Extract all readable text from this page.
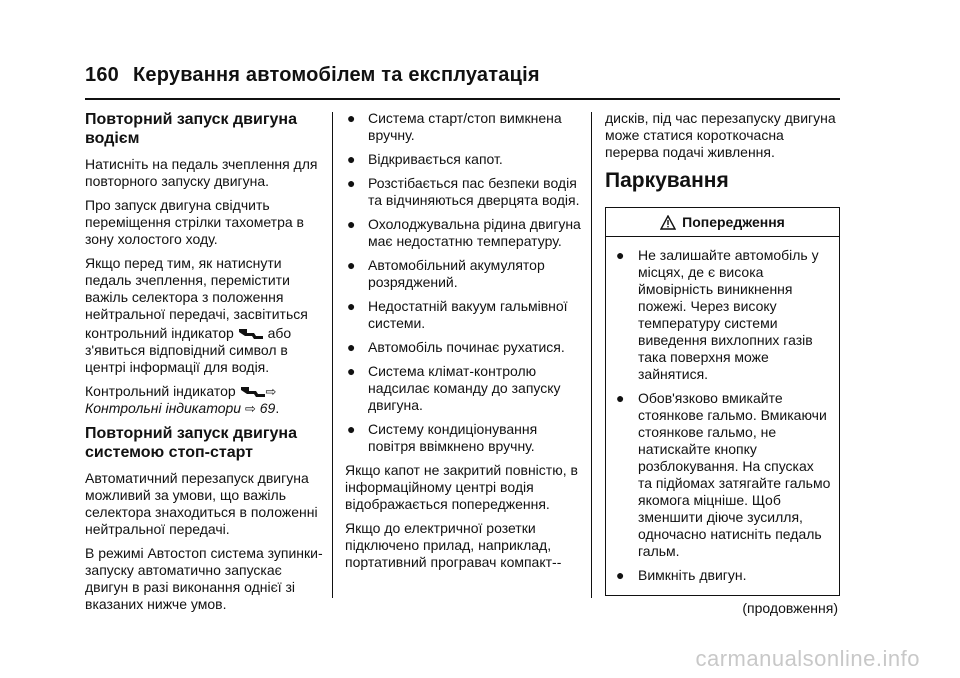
160 Керування автомобілем та експлуатація
Повторний запуск двигуна водієм

Натисніть на педаль зчеплення для повторного запуску двигуна.

Про запуск двигуна свідчить переміщення стрілки тахометра в зону холостого ходу.

Якщо перед тим, як натиснути педаль зчеплення, перемістити важіль селектора з положення нейтральної передачі, засвітиться

контрольний індикатор або з'явиться відповідний символ в центрі інформації для водія.

Контрольний індикатор ⇨
Контрольні індикатори ⇨ 69.

Повторний запуск двигуна системою стоп-старт

Автоматичний перезапуск двигуна можливий за умови, що важіль селектора знаходиться в положенні нейтральної передачі.

В режимі Автостоп система зупинки-запуску автоматично запускає двигун в разі виконання однієї зі вказаних нижче умов.

● Система старт/стоп вимкнена вручну.
● Відкривається капот.
● Розстібається пас безпеки водія та відчиняються дверцята водія.
● Охолоджувальна рідина двигуна має недостатню температуру.
● Автомобільний акумулятор розряджений.
● Недостатній вакуум гальмівної системи.
● Автомобіль починає рухатися.
● Система клімат-контролю надсилає команду до запуску двигуна.
● Систему кондиціонування повітря ввімкнено вручну.

Якщо капот не закритий повністю, в інформаційному центрі водія відображається попередження.

Якщо до електричної розетки підключено прилад, наприклад, портативний програвач компакт--

дисків, під час перезапуску двигуна може статися короткочасна перерва подачі живлення.

Паркування
Попередження
● Не залишайте автомобіль у місцях, де є висока ймовірність виникнення пожежі. Через високу температуру системи виведення вихлопних газів така поверхня може зайнятися.
● Обов'язково вмикайте стоянкове гальмо. Вмикаючи стоянкове гальмо, не натискайте кнопку розблокування. На спусках та підйомах затягайте гальмо якомога міцніше. Щоб зменшити діюче зусилля, одночасно натисніть педаль гальм.
● Вимкніть двигун.
(продовження)
carmanualsonline.info
